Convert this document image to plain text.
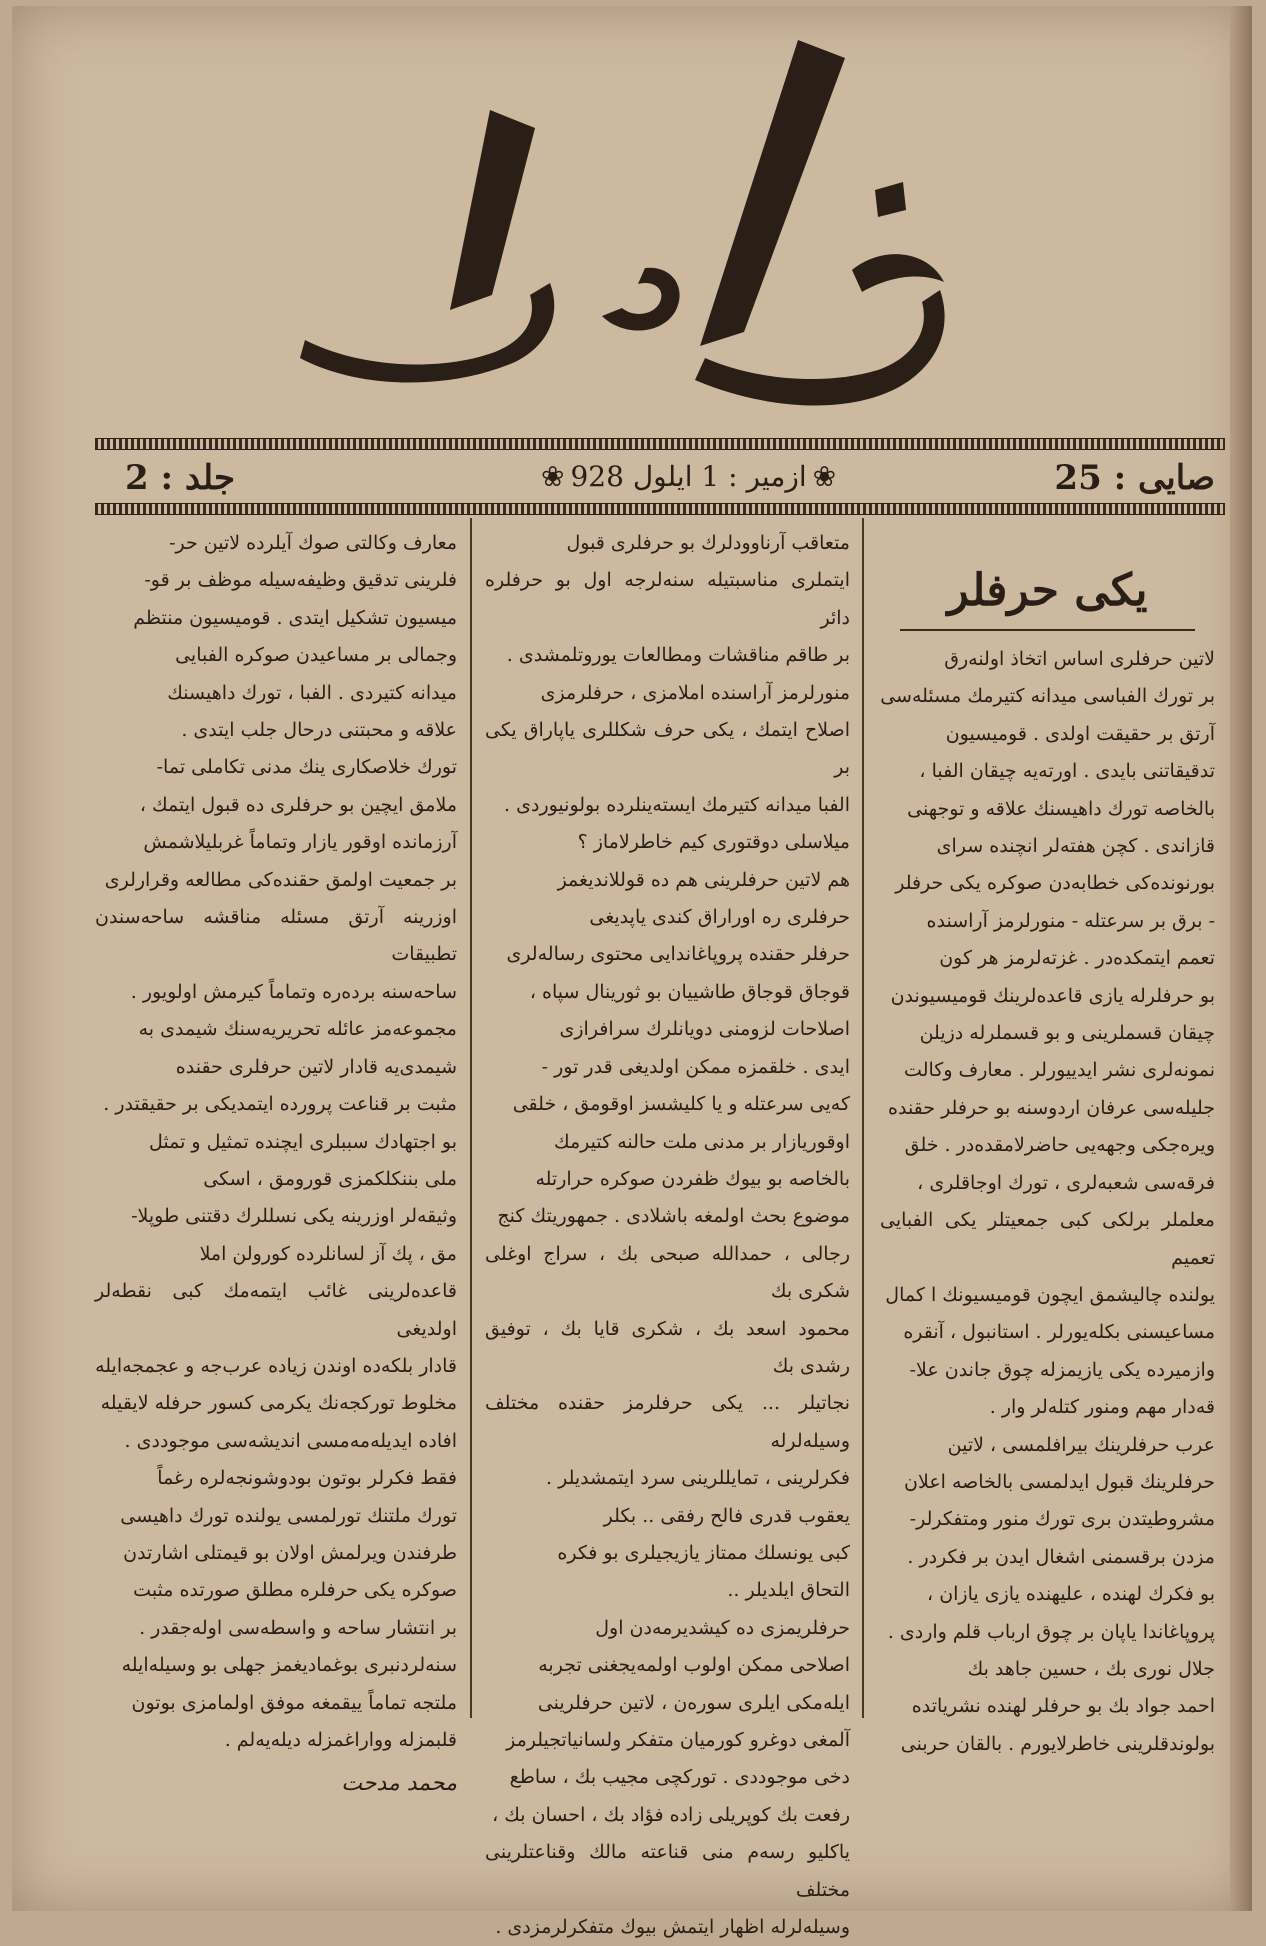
صایی : 25
❀ازمیر : 1 ایلول 928❀
جلد : 2
یکی حرفلر

لاتین حرفلری اساس اتخاذ اولنه‌رق

بر تورك الفباسی میدانه کتیرمك مسئله‌سی

آرتق بر حقیقت اولدی . قومیسیون

تدقیقاتنی بایدی . اورته‌یه چیقان الفبا ،

بالخاصه تورك داهیسنك علاقه و توجهنی

قازاندی . کچن هفته‌لر انچنده سرای

بورنونده‌کی خطابه‌دن صوکره یکی حرفلر

- برق بر سرعتله - منورلرمز آراسنده

تعمم ایتمکده‌در . غزته‌لرمز هر کون

بو حرفلرله یازی قاعده‌لرینك قومیسیوندن

چیقان قسملرینی و بو قسملرله دزیلن

نمونه‌لری نشر ایدییورلر . معارف وكالت

جلیله‌سی عرفان اردوسنه بو حرفلر حقنده

ویره‌جکی وجهه‌یی حاضرلامقده‌در . خلق

فرقه‌سی شعبه‌لری ، تورك اوجاقلری ،

معلملر برلکی کبی جمعیتلر یکی الفبایی تعمیم

یولنده چالیشمق ایچون قومیسیونك ا كمال

مساعیسنی بکله‌یورلر . استانبول ، آنقره

وازمیرده یکی یازیمزله چوق جاندن علا-

قه‌دار مهم ومنور کتله‌لر وار .

عرب حرفلرینك بیرافلمسی ، لاتین

حرفلرینك قبول ایدلمسی بالخاصه اعلان

مشروطیتدن بری تورك منور ومتفکرلر-

مزدن برقسمنی اشغال ایدن بر فکردر .

بو فکرك لهنده ، علیهنده یازی یازان ،

پروپاغاندا یاپان بر چوق ارباب قلم واردی .

جلال نوری بك ، حسین جاهد بك

احمد جواد بك بو حرفلر لهنده نشریاتده

بولوندقلرینی خاطرلایورم . بالقان حربنی

متعاقب آرناوودلرك بو حرفلری قبول

ایتملری مناسبتیله سنه‌لرجه اول بو حرفلره دائر

بر طاقم مناقشات ومطالعات یوروتلمشدی .

منورلرمز آراسنده املامزی ، حرفلرمزی

اصلاح ایتمك ، یکی حرف شکللری یاپاراق یکی بر

الفبا میدانه کتیرمك ایسته‌ینلرده بولونیوردی .

میلاسلی دوقتوری کیم خاطرلاماز ؟

هم لاتین حرفلرینی هم ده قوللاندیغمز

حرفلری ره اوراراق کندی یاپدیغی

حرفلر حقنده پروپاغاندایی محتوی رساله‌لری

قوجاق قوجاق طاشییان بو ثورینال سپاه ،

اصلاحات لزومنی دویانلرك سرافرازی

ایدی . خلقمزه ممکن اولدیغی قدر تور -

که‌یی سرعتله و یا کلیشسز اوقومق ، خلقی

اوقوریازار بر مدنی ملت حالنه کتیرمك

بالخاصه بو بیوك ظفردن صوکره حرارتله

موضوع بحث اولمغه باشلادی . جمهوریتك کنج

رجالی ، حمدالله صبحی بك ، سراج اوغلی شکری بك

محمود اسعد بك ، شکری قایا بك ، توفیق رشدی بك

نجاتیلر ... یکی حرفلرمز حقنده مختلف وسیله‌لرله

فکرلرینی ، تمایللرینی سرد ایتمشدیلر .

یعقوب قدری فالح رفقی .. بکلر

کبی یونسلك ممتاز یازیجیلری بو فکره

التحاق ایلدیلر ..

حرفلریمزی ده کیشدیرمه‌دن اول

اصلاحی ممکن اولوب اولمه‌یجغنی تجربه

ایله‌مکی ایلری سوره‌ن ، لاتین حرفلرینی

آلمغی دوغرو کورمیان متفکر ولسانیاتجیلرمز

دخی موجوددی . تورکچی مجیب بك ، ساطع

رفعت بك کوپریلی زاده فؤاد بك ، احسان بك ،

یاکلیو رسه‌م منی قناعته مالك وقناعتلرینی مختلف

وسیله‌لرله اظهار ایتمش بیوك متفکرلرمزدی .

معارف وكالتی صوك آیلرده لاتین حر-

فلرینی تدقیق وظیفه‌سیله موظف بر قو-

میسیون تشکیل ایتدی . قومیسیون منتظم

وجمالی بر مساعیدن صوکره الفبایی

میدانه کتیردی . الفبا ، تورك داهیسنك

علاقه و محبتنی درحال جلب ایتدی .

تورك خلاصکاری ینك مدنی تکاملی تما-

ملامق ایچین بو حرفلری ده قبول ایتمك ،

آرزمانده اوقور یازار وتماماً غربلیلاشمش

بر جمعیت اولمق حقنده‌کی مطالعه وقرارلری

اوزرینه آرتق مسئله مناقشه ساحه‌سندن تطبیقات

ساحه‌سنه برده‌ره وتماماً کیرمش اولویور .

مجموعه‌مز عائله تحریریه‌سنك شیمدی به

شیمدی‌یه قادار لاتین حرفلری حقنده

مثبت بر قناعت پرورده ایتمدیکی بر حقیقتدر .

بو اجتهادك سببلری ایچنده تمثیل و تمثل

ملی بننکلکمزی قورومق ، اسکی

وثیقه‌لر اوزرینه یکی نسللرك دقتنی طوپلا-

مق ، پك آز لسانلرده کورولن املا

قاعده‌لرینی غائب ایتمه‌مك کبی نقطه‌لر اولدیغی

قادار بلکه‌ده اوندن زیاده عرب‌جه و عجمجه‌ایله

مخلوط تورکجه‌نك یکرمی کسور حرفله لایقیله

افاده ایدیله‌مه‌مسی اندیشه‌سی موجوددی .

فقط فکرلر بوتون بودوشونجه‌لره رغماً

تورك ملتنك تورلمسی یولنده تورك داهیسی

طرفندن ویرلمش اولان بو قیمتلی اشارتدن

صوکره یکی حرفلره مطلق صورتده مثبت

بر انتشار ساحه و واسطه‌سی اوله‌جقدر .

سنه‌لردنبری بوغمادیغمز جهلی بو وسیله‌ایله

ملتجه تماماً ییقمغه موفق اولمامزی بوتون

قلبمزله وواراغمزله دیله‌یه‌لم .

محمد مدحت
